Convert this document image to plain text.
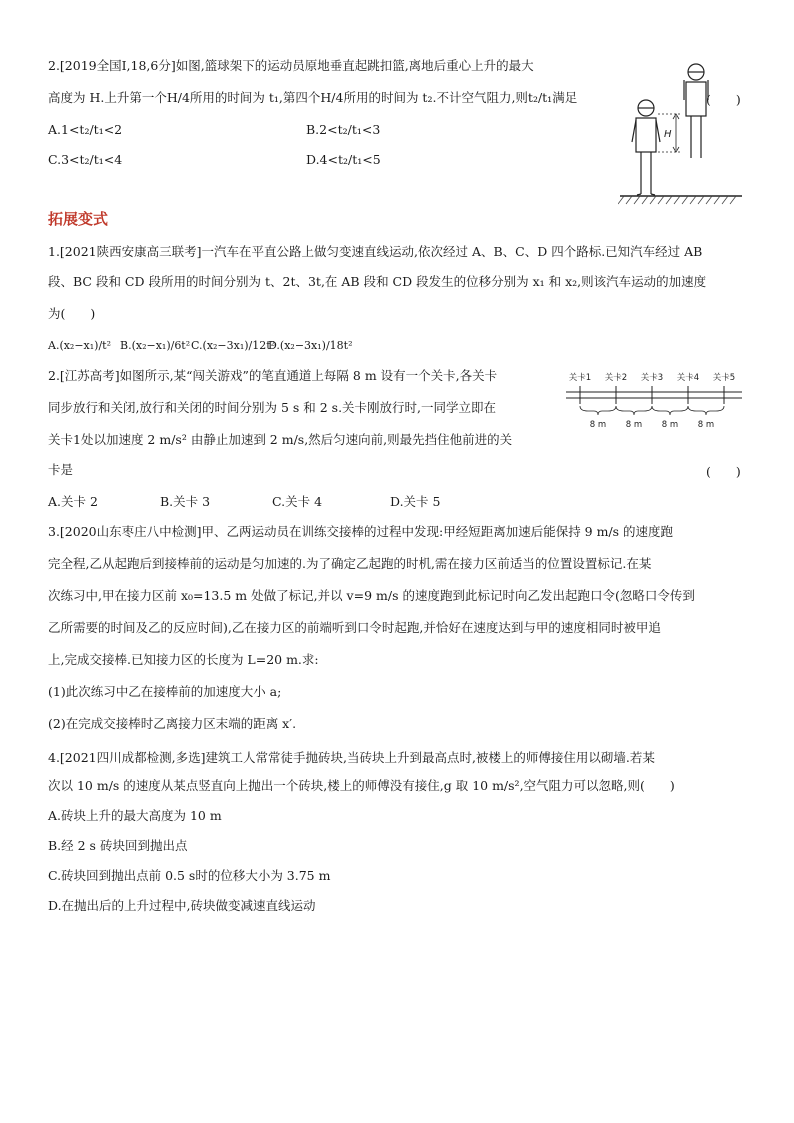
2.[2019全国Ⅰ,18,6分]如图,篮球架下的运动员原地垂直起跳扣篮,离地后重心上升的最大
高度为 H.上升第一个H/4所用的时间为 t₁,第四个H/4所用的时间为 t₂.不计空气阻力,则t₂/t₁满足	(　　)
A.1<t₂/t₁<2	B.2<t₂/t₁<3
C.3<t₂/t₁<4	D.4<t₂/t₁<5
H
拓展变式
1.[2021陕西安康高三联考]一汽车在平直公路上做匀变速直线运动,依次经过 A、B、C、D 四个路标.已知汽车经过 AB
段、BC 段和 CD 段所用的时间分别为 t、2t、3t,在 AB 段和 CD 段发生的位移分别为 x₁ 和 x₂,则该汽车运动的加速度
为(　　)
A.(x₂−x₁)/t² B.(x₂−x₁)/6t² C.(x₂−3x₁)/12t²
D.(x₂−3x₁)/18t²
2.[江苏高考]如图所示,某“闯关游戏”的笔直通道上每隔 8 m 设有一个关卡,各关卡
同步放行和关闭,放行和关闭的时间分别为 5 s 和 2 s.关卡刚放行时,一同学立即在
关卡1处以加速度 2 m/s² 由静止加速到 2 m/s,然后匀速向前,则最先挡住他前进的关
卡是	(　　)
A.关卡 2	B.关卡 3	C.关卡 4	D.关卡 5
关卡1 关卡2 关卡3 关卡4 关卡5
8 m 8 m 8 m 8 m
3.[2020山东枣庄八中检测]甲、乙两运动员在训练交接棒的过程中发现:甲经短距离加速后能保持 9 m/s 的速度跑
完全程,乙从起跑后到接棒前的运动是匀加速的.为了确定乙起跑的时机,需在接力区前适当的位置设置标记.在某
次练习中,甲在接力区前 x₀=13.5 m 处做了标记,并以 v=9 m/s 的速度跑到此标记时向乙发出起跑口令(忽略口令传到
乙所需要的时间及乙的反应时间),乙在接力区的前端听到口令时起跑,并恰好在速度达到与甲的速度相同时被甲追
上,完成交接棒.已知接力区的长度为 L=20 m.求:
(1)此次练习中乙在接棒前的加速度大小 a;
(2)在完成交接棒时乙离接力区末端的距离 x′.
4.[2021四川成都检测,多选]建筑工人常常徒手抛砖块,当砖块上升到最高点时,被楼上的师傅接住用以砌墙.若某
次以 10 m/s 的速度从某点竖直向上抛出一个砖块,楼上的师傅没有接住,g 取 10 m/s²,空气阻力可以忽略,则(　　)
A.砖块上升的最大高度为 10 m
B.经 2 s 砖块回到抛出点
C.砖块回到抛出点前 0.5 s时的位移大小为 3.75 m
D.在抛出后的上升过程中,砖块做变减速直线运动
